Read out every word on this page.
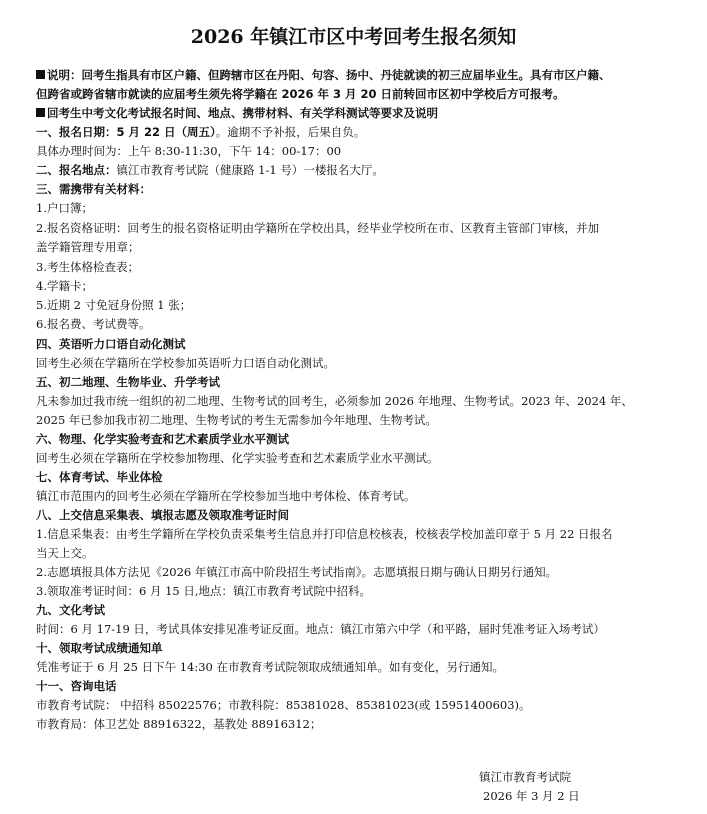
2026 年镇江市区中考回考生报名须知
说明：回考生指具有市区户籍、但跨辖市区在丹阳、句容、扬中、丹徒就读的初三应届毕业生。具有市区户籍、
但跨省或跨省辖市就读的应届考生须先将学籍在 2026 年 3 月 20 日前转回市区初中学校后方可报考。
回考生中考文化考试报名时间、地点、携带材料、有关学科测试等要求及说明
一、报名日期：5 月 22 日（周五）。逾期不予补报，后果自负。
具体办理时间为：上午 8:30-11:30，下午 14：00-17：00
二、报名地点：镇江市教育考试院（健康路 1-1 号）一楼报名大厅。
三、需携带有关材料：
1.户口簿；
2.报名资格证明：回考生的报名资格证明由学籍所在学校出具，经毕业学校所在市、区教育主管部门审核，并加
盖学籍管理专用章；
3.考生体格检查表；
4.学籍卡；
5.近期 2 寸免冠身份照 1 张；
6.报名费、考试费等。
四、英语听力口语自动化测试
回考生必须在学籍所在学校参加英语听力口语自动化测试。
五、初二地理、生物毕业、升学考试
凡未参加过我市统一组织的初二地理、生物考试的回考生，必须参加 2026 年地理、生物考试。2023 年、2024 年、
2025 年已参加我市初二地理、生物考试的考生无需参加今年地理、生物考试。
六、物理、化学实验考查和艺术素质学业水平测试
回考生必须在学籍所在学校参加物理、化学实验考查和艺术素质学业水平测试。
七、体育考试、毕业体检
镇江市范围内的回考生必须在学籍所在学校参加当地中考体检、体育考试。
八、上交信息采集表、填报志愿及领取准考证时间
1.信息采集表：由考生学籍所在学校负责采集考生信息并打印信息校核表，校核表学校加盖印章于 5 月 22 日报名
当天上交。
2.志愿填报具体方法见《2026 年镇江市高中阶段招生考试指南》。志愿填报日期与确认日期另行通知。
3.领取准考证时间：6 月 15 日,地点：镇江市教育考试院中招科。
九、文化考试
时间：6 月 17-19 日，考试具体安排见准考证反面。地点：镇江市第六中学（和平路，届时凭准考证入场考试）
十、领取考试成绩通知单
凭准考证于 6 月 25 日下午 14:30 在市教育考试院领取成绩通知单。如有变化，另行通知。
十一、咨询电话
市教育考试院： 中招科 85022576；市教科院：85381028、85381023(或 15951400603)。
市教育局：体卫艺处 88916322，基教处 88916312；
镇江市教育考试院
2026 年 3 月 2 日
